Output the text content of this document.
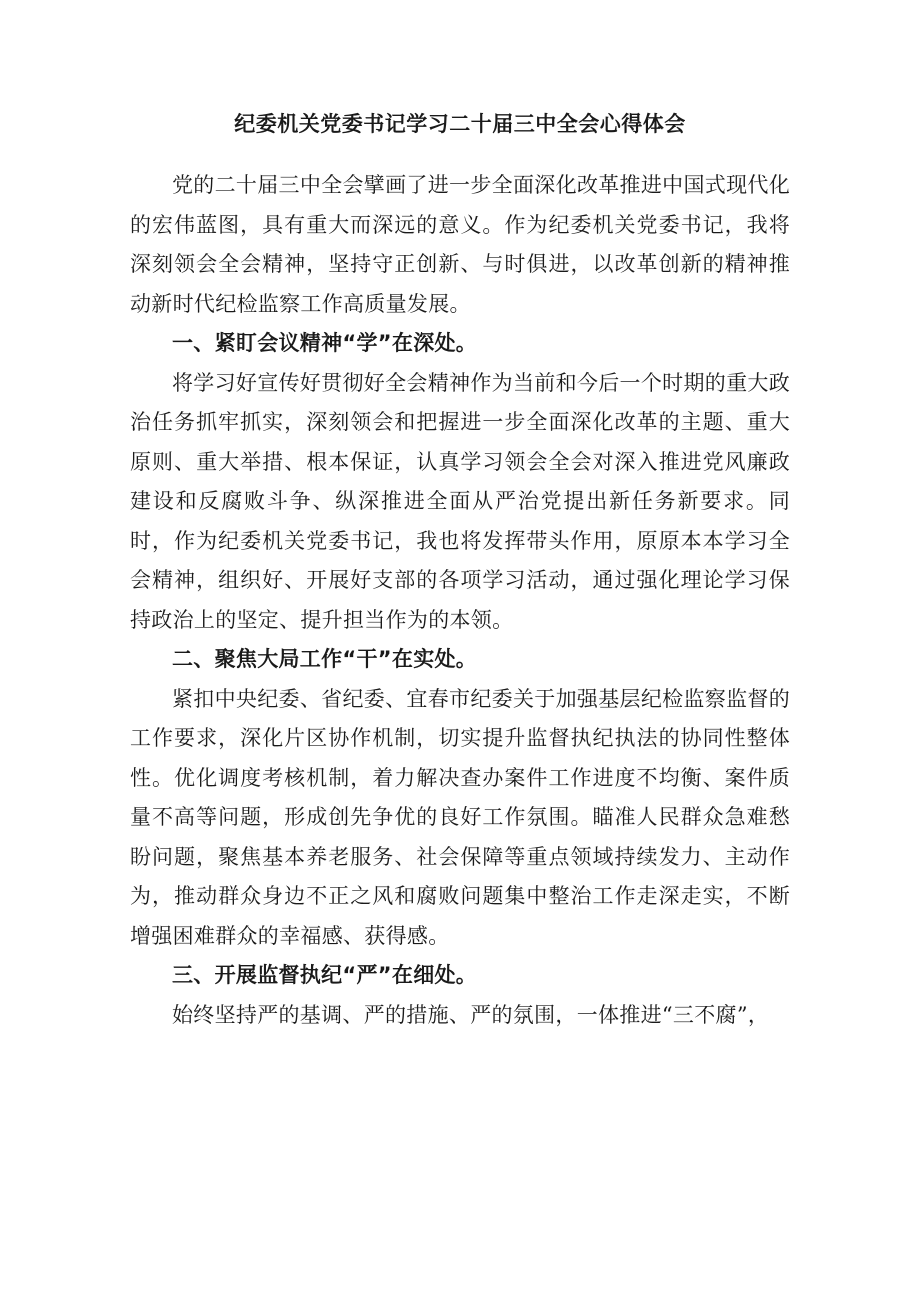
纪委机关党委书记学习二十届三中全会心得体会

党的二十届三中全会擘画了进一步全面深化改革推进中国式现代化的宏伟蓝图，具有重大而深远的意义。作为纪委机关党委书记，我将深刻领会全会精神，坚持守正创新、与时俱进，以改革创新的精神推动新时代纪检监察工作高质量发展。

一、紧盯会议精神“学”在深处。

将学习好宣传好贯彻好全会精神作为当前和今后一个时期的重大政治任务抓牢抓实，深刻领会和把握进一步全面深化改革的主题、重大原则、重大举措、根本保证，认真学习领会全会对深入推进党风廉政建设和反腐败斗争、纵深推进全面从严治党提出新任务新要求。同时，作为纪委机关党委书记，我也将发挥带头作用，原原本本学习全会精神，组织好、开展好支部的各项学习活动，通过强化理论学习保持政治上的坚定、提升担当作为的本领。

二、聚焦大局工作“干”在实处。

紧扣中央纪委、省纪委、宜春市纪委关于加强基层纪检监察监督的工作要求，深化片区协作机制，切实提升监督执纪执法的协同性整体性。优化调度考核机制，着力解决查办案件工作进度不均衡、案件质量不高等问题，形成创先争优的良好工作氛围。瞄准人民群众急难愁盼问题，聚焦基本养老服务、社会保障等重点领域持续发力、主动作为，推动群众身边不正之风和腐败问题集中整治工作走深走实，不断增强困难群众的幸福感、获得感。

三、开展监督执纪“严”在细处。

始终坚持严的基调、严的措施、严的氛围，一体推进“三不腐”，
